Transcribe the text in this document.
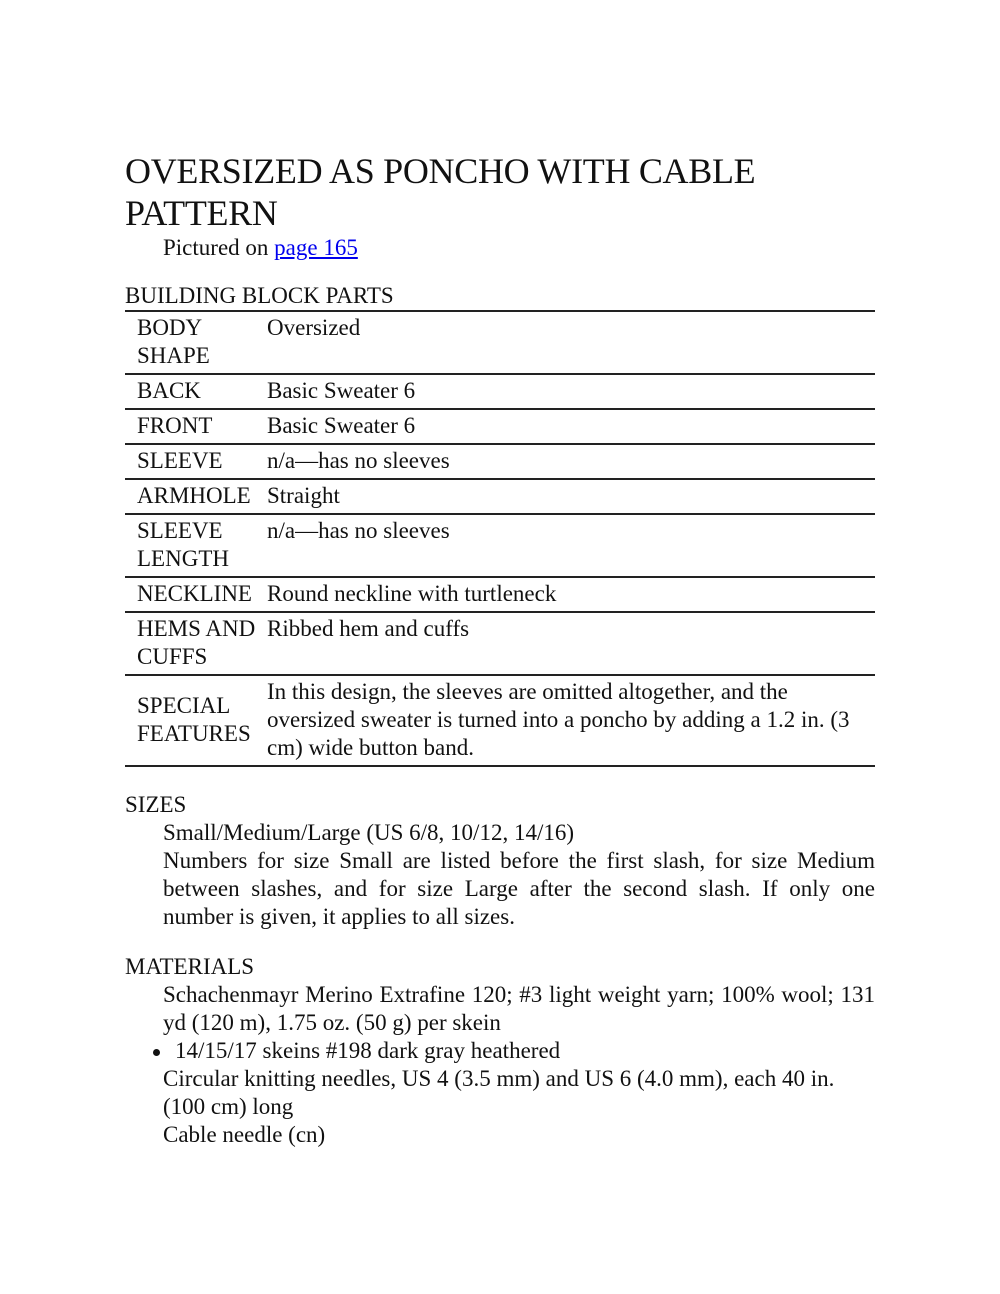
OVERSIZED AS PONCHO WITH CABLE PATTERN

Pictured on page 165

BUILDING BLOCK PARTS

BODY SHAPE	Oversized
BACK	Basic Sweater 6
FRONT	Basic Sweater 6
SLEEVE	n/a—has no sleeves
ARMHOLE	Straight
SLEEVE LENGTH	n/a—has no sleeves
NECKLINE	Round neckline with turtleneck
HEMS AND CUFFS	Ribbed hem and cuffs
SPECIAL FEATURES	In this design, the sleeves are omitted altogether, and the oversized sweater is turned into a poncho by adding a 1.2 in. (3 cm) wide button band.

SIZES

Small/Medium/Large (US 6/8, 10/12, 14/16)

Numbers for size Small are listed before the first slash, for size Medium between slashes, and for size Large after the second slash. If only one number is given, it applies to all sizes.

MATERIALS

Schachenmayr Merino Extrafine 120; #3 light weight yarn; 100% wool; 131 yd (120 m), 1.75 oz. (50 g) per skein

14/15/17 skeins #198 dark gray heathered

Circular knitting needles, US 4 (3.5 mm) and US 6 (4.0 mm), each 40 in. (100 cm) long

Cable needle (cn)
